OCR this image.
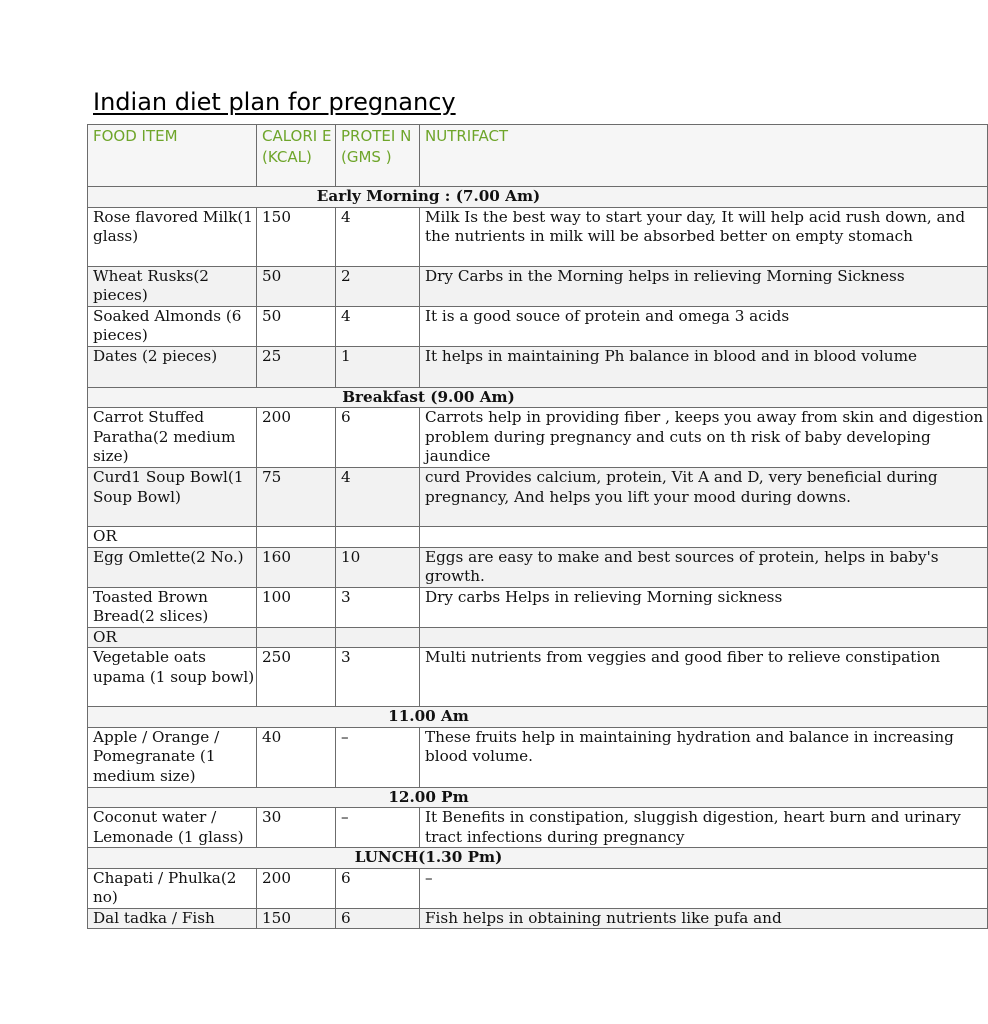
Indian diet plan for pregnancy
FOOD ITEM	CALORI E (KCAL)	PROTEI N (GMS )	NUTRIFACT

Early Morning : (7.00 Am)			

Rose flavored Milk(1 glass)	150	4	Milk Is the best way to start your day, It will help acid rush down, and the nutrients in milk will be absorbed better on empty stomach
Wheat Rusks(2 pieces)	50	2	Dry Carbs in the Morning helps in relieving Morning Sickness
Soaked Almonds (6 pieces)	50	4	It is a good souce of protein and omega 3 acids
Dates (2 pieces)	25	1	It helps in maintaining Ph balance in blood and in blood volume

Breakfast (9.00 Am)			

Carrot Stuffed Paratha(2 medium size)	200	6	Carrots help in providing fiber , keeps you away from skin and digestion problem during pregnancy and cuts on th risk of baby developing jaundice
Curd1 Soup Bowl(1 Soup Bowl)	75	4	curd Provides calcium, protein, Vit A and D, very beneficial during pregnancy, And helps you lift your mood during downs.
OR			
Egg Omlette(2 No.)	160	10	Eggs are easy to make and best sources of protein, helps in baby's growth.
Toasted Brown Bread(2 slices)	100	3	Dry carbs Helps in relieving Morning sickness
OR			
Vegetable oats upama (1 soup bowl)	250	3	Multi nutrients from veggies and good fiber to relieve constipation

11.00 Am			

Apple / Orange / Pomegranate (1 medium size)	40	–	These fruits help in maintaining hydration and balance in increasing blood volume.

12.00 Pm			

Coconut water / Lemonade (1 glass)	30	–	It Benefits in constipation, sluggish digestion, heart burn and urinary tract infections during pregnancy

LUNCH(1.30 Pm)			

Chapati / Phulka(2 no)	200	6	–
Dal tadka / Fish	150	6	Fish helps in obtaining nutrients like pufa and
